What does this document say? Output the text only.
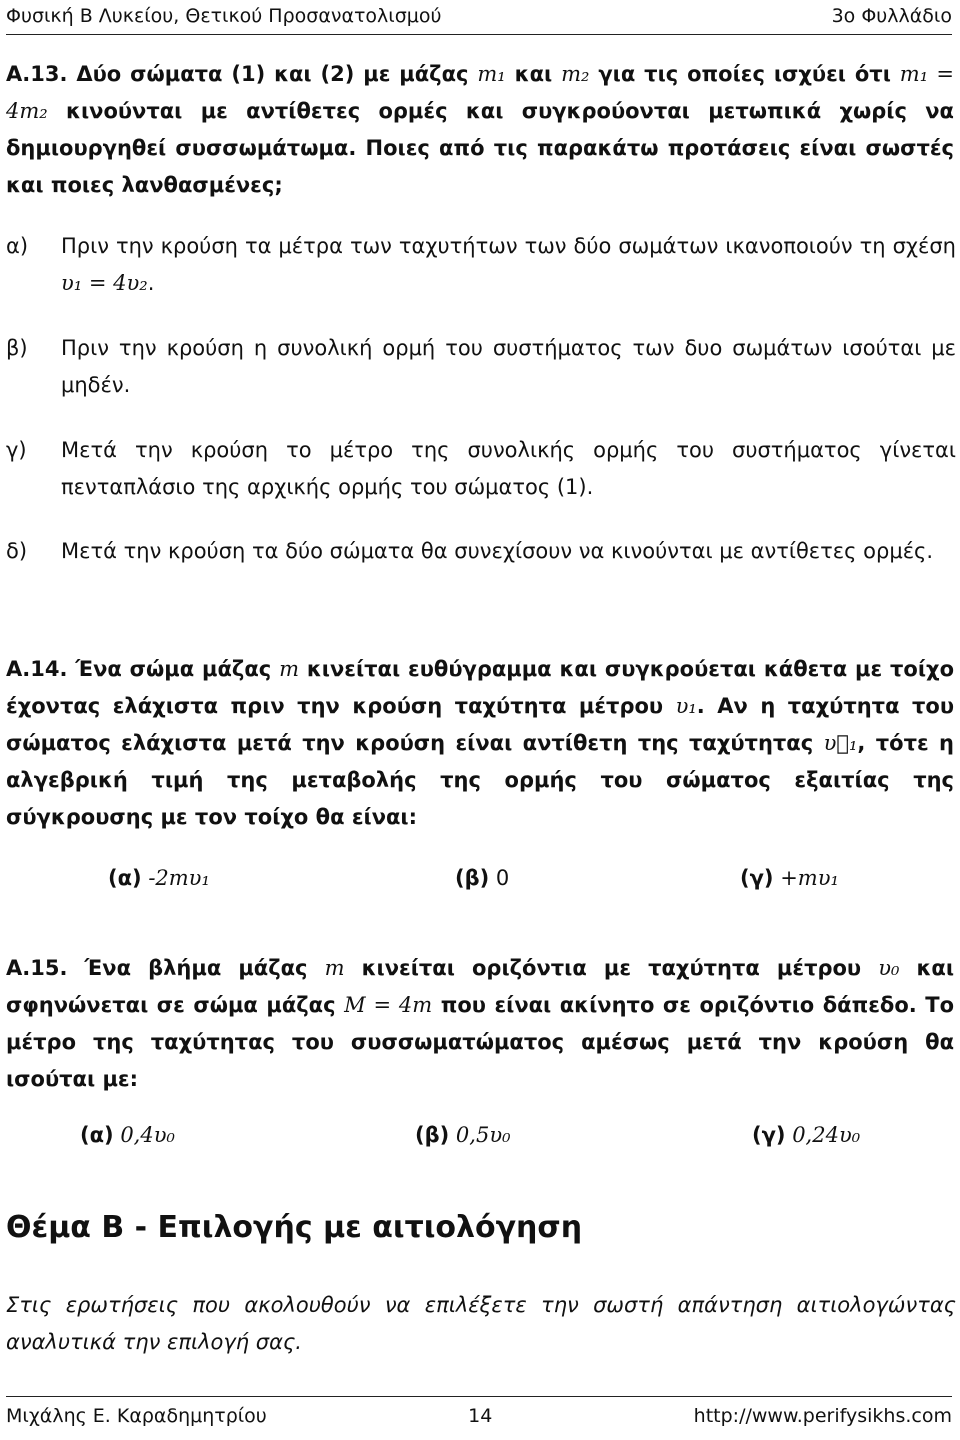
Φυσική Β Λυκείου, Θετικού Προσανατολισμού	3ο Φυλλάδιο
Α.13. Δύο σώματα (1) και (2) με μάζας m₁ και m₂ για τις οποίες ισχύει ότι m₁ = 4m₂ κινούνται με αντίθετες ορμές και συγκρούονται μετωπικά χωρίς να δημιουργηθεί συσσωμάτωμα. Ποιες από τις παρακάτω προτάσεις είναι σωστές και ποιες λανθασμένες;
α) Πριν την κρούση τα μέτρα των ταχυτήτων των δύο σωμάτων ικανοποιούν τη σχέση υ₁ = 4υ₂.
β) Πριν την κρούση η συνολική ορμή του συστήματος των δυο σωμάτων ισούται με μηδέν.
γ) Μετά την κρούση το μέτρο της συνολικής ορμής του συστήματος γίνεται πενταπλάσιο της αρχικής ορμής του σώματος (1).
δ) Μετά την κρούση τα δύο σώματα θα συνεχίσουν να κινούνται με αντίθετες ορμές.
Α.14. Ένα σώμα μάζας m κινείται ευθύγραμμα και συγκρούεται κάθετα με τοίχο έχοντας ελάχιστα πριν την κρούση ταχύτητα μέτρου υ₁. Αν η ταχύτητα του σώματος ελάχιστα μετά την κρούση είναι αντίθετη της ταχύτητας υ⃗₁, τότε η αλγεβρική τιμή της μεταβολής της ορμής του σώματος εξαιτίας της σύγκρουσης με τον τοίχο θα είναι:
(α) -2mυ₁	(β) 0	(γ) +mυ₁
Α.15. Ένα βλήμα μάζας m κινείται οριζόντια με ταχύτητα μέτρου υ₀ και σφηνώνεται σε σώμα μάζας M = 4m που είναι ακίνητο σε οριζόντιο δάπεδο. Το μέτρο της ταχύτητας του συσσωματώματος αμέσως μετά την κρούση θα ισούται με:
(α) 0,4υ₀	(β) 0,5υ₀	(γ) 0,24υ₀
Θέμα Β - Επιλογής με αιτιολόγηση
Στις ερωτήσεις που ακολουθούν να επιλέξετε την σωστή απάντηση αιτιολογώντας αναλυτικά την επιλογή σας.
Μιχάλης Ε. Καραδημητρίου	14	http://www.perifysikhs.com
